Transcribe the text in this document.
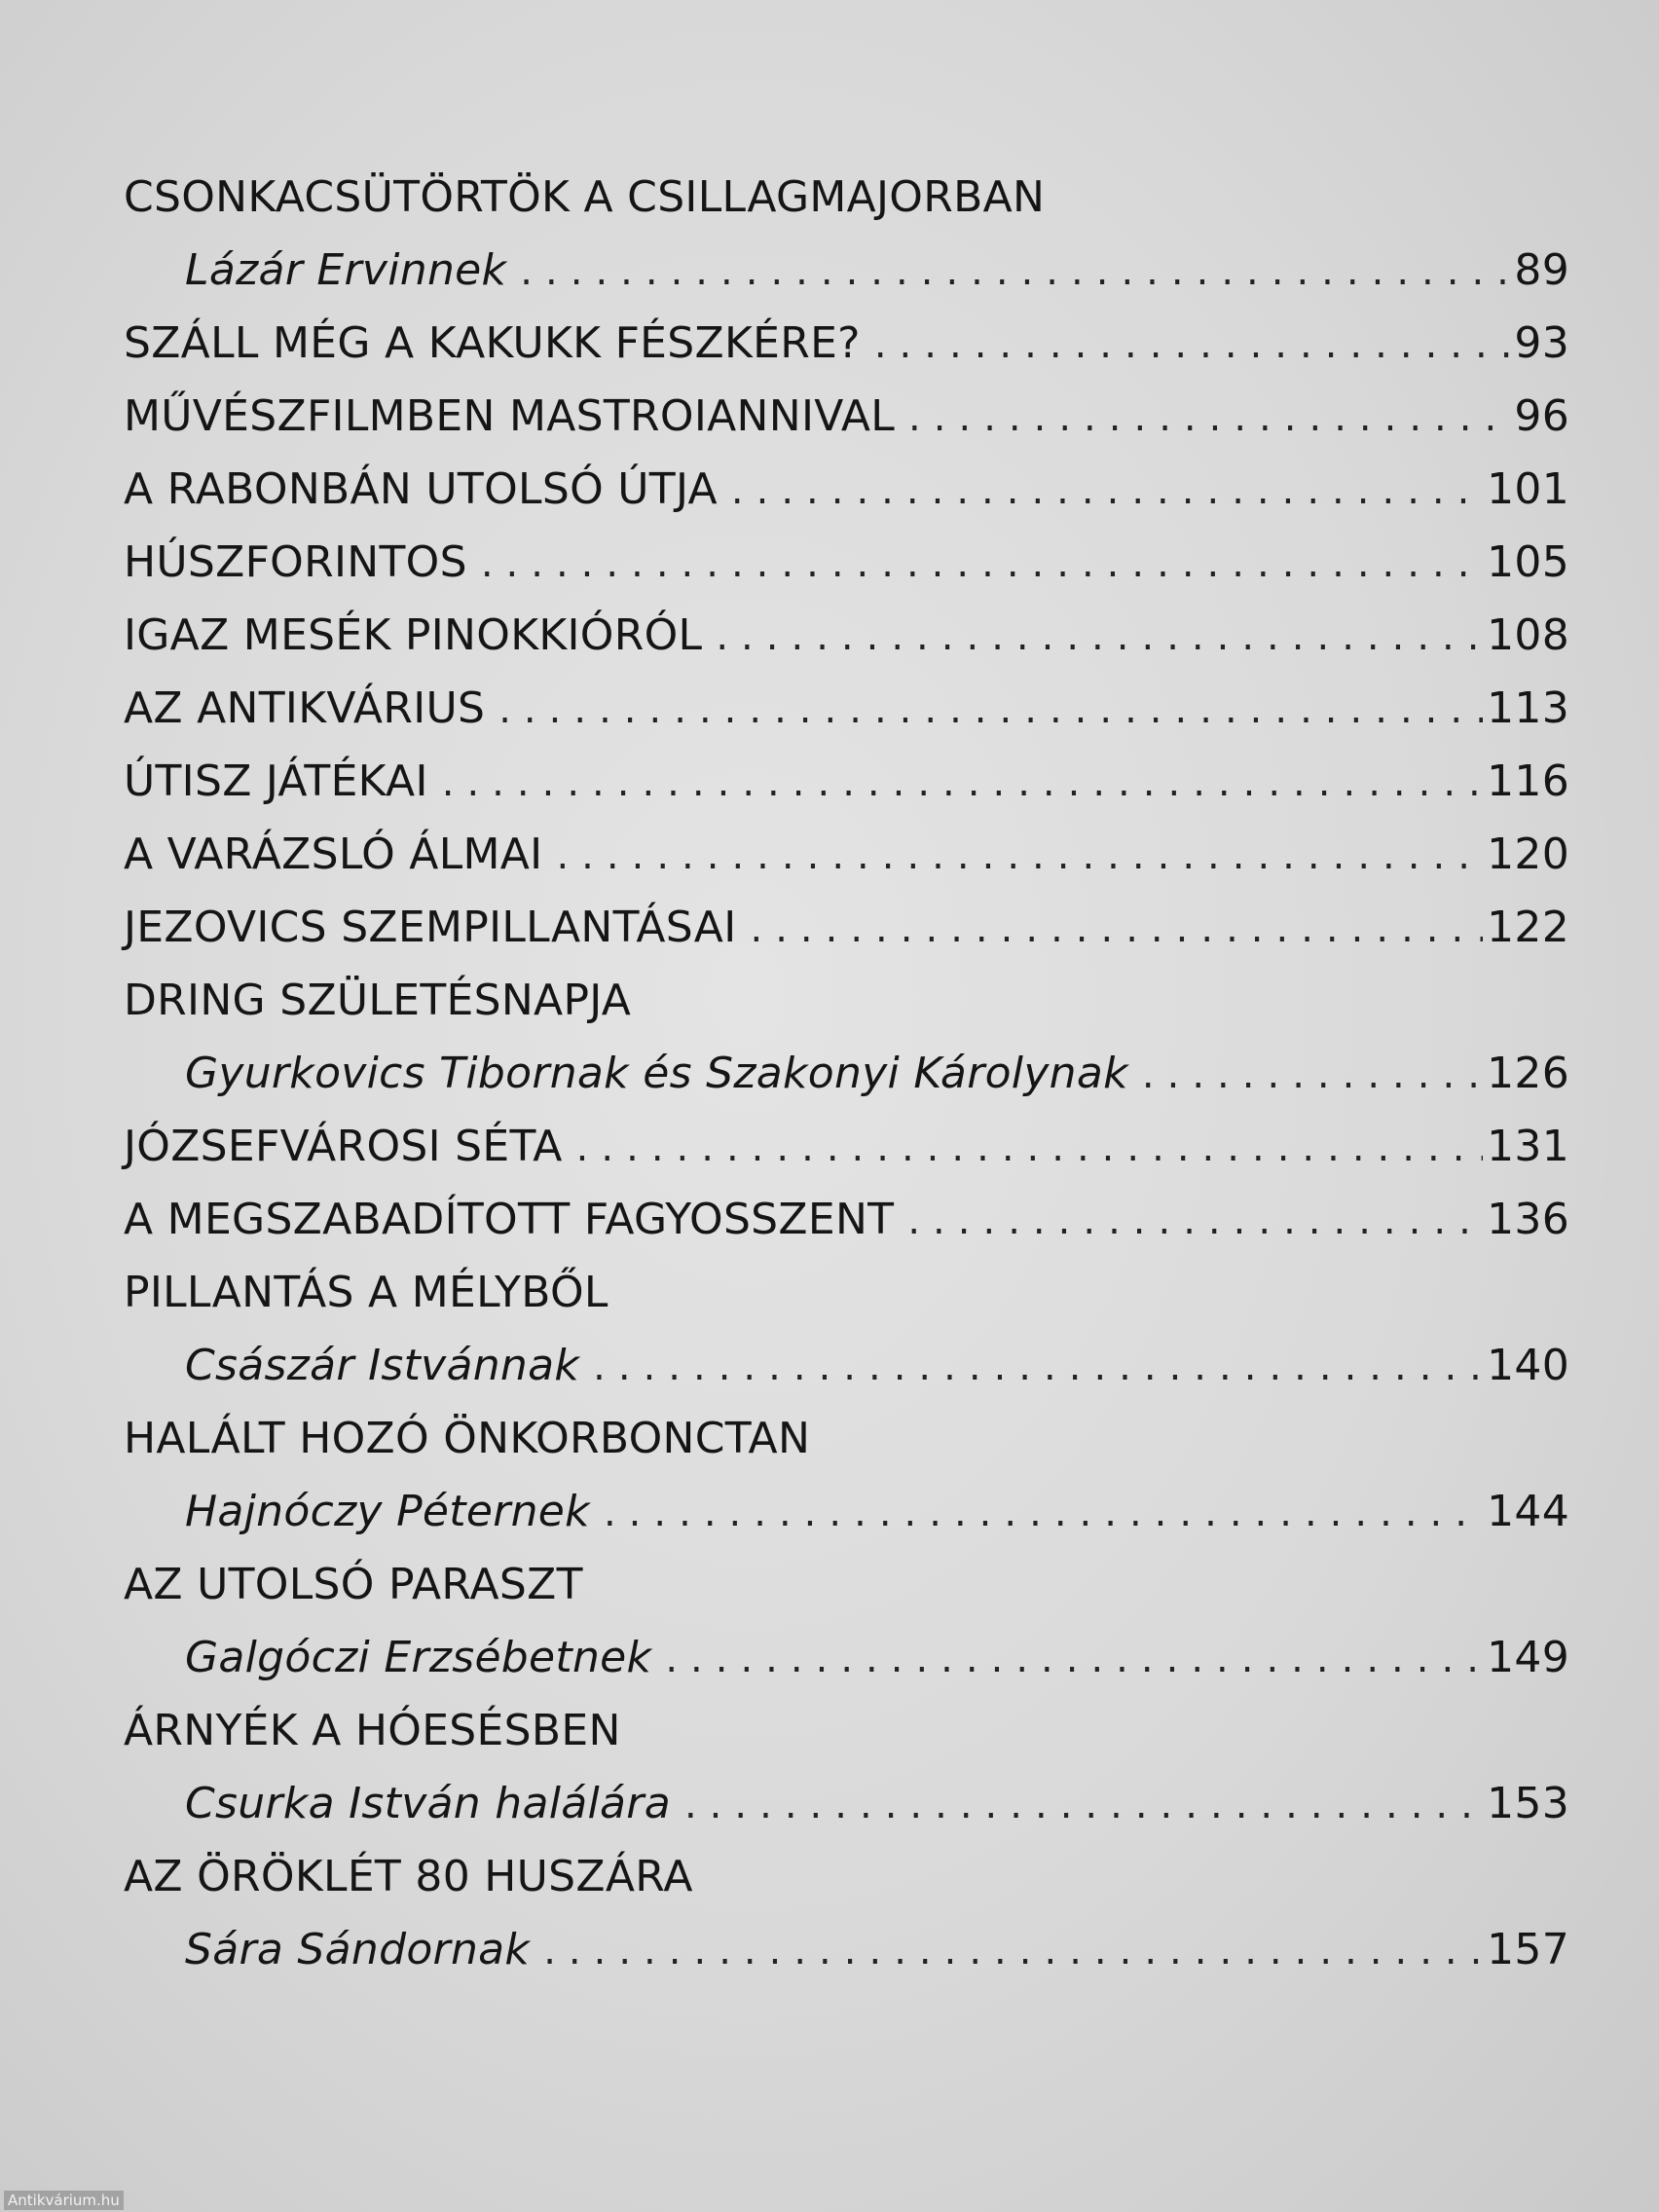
CSONKACSÜTÖRTÖK A CSILLAGMAJORBAN
Lázár Ervinnek .....	89
SZÁLL MÉG A KAKUKK FÉSZKÉRE? .....	93
MŰVÉSZFILMBEN MASTROIANNIVAL .....	96
A RABONBÁN UTOLSÓ ÚTJA .....	101
HÚSZFORINTOS .....	105
IGAZ MESÉK PINOKKIÓRÓL .....	108
AZ ANTIKVÁRIUS .....	113
ÚTISZ JÁTÉKAI .....	116
A VARÁZSLÓ ÁLMAI .....	120
JEZOVICS SZEMPILLANTÁSAI .....	122
DRING SZÜLETÉSNAPJA
Gyurkovics Tibornak és Szakonyi Károlynak .....	126
JÓZSEFVÁROSI SÉTA .....	131
A MEGSZABADÍTOTT FAGYOSSZENT .....	136
PILLANTÁS A MÉLYBŐL
Császár Istvánnak .....	140
HALÁLT HOZÓ ÖNKORBONCTAN
Hajnóczy Péternek .....	144
AZ UTOLSÓ PARASZT
Galgóczi Erzsébetnek .....	149
ÁRNYÉK A HÓESÉSBEN
Csurka István halálára .....	153
AZ ÖRÖKLÉT 80 HUSZÁRA
Sára Sándornak .....	157
Antikvárium.hu
